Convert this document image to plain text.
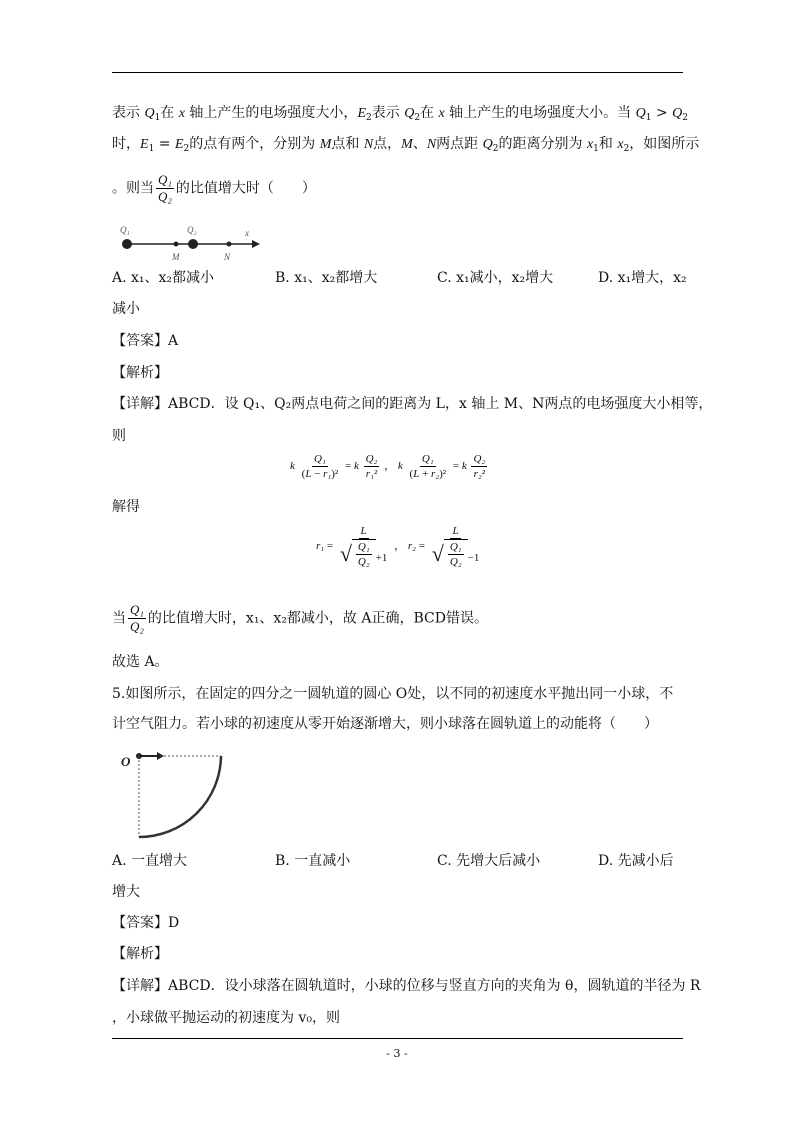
表示 $Q_1$在 x 轴上产生的电场强度大小，$E_2$表示 $Q_2$在 x 轴上产生的电场强度大小。当 $Q_1 > Q_2$
时，$E_1 = E_2$的点有两个，分别为 M点和 N点，M、N两点距 $Q_2$的距离分别为 $x_1$和 $x_2$，如图所示
。则当 $\frac{\text{Q₁}}{\text{Q₂}}$ 的比值增大时（　　）
Q₁	Q₂
M	N
x
A. x₁、x₂都减小	B. x₁、x₂都增大	C. x₁减小，x₂增大	D. x₁增大，x₂
减小
【答案】A
【解析】
【详解】ABCD．设 Q₁、Q₂两点电荷之间的距离为 L，x 轴上 M、N两点的电场强度大小相等，
则
k $\frac{\text{Q₁}}{\text{(L − r₁)²}} = k \frac{\text{Q₂}}{\text{r₁²}}$ ， k $\frac{\text{Q₁}}{\text{(L + r₂)²}} = k \frac{\text{Q₂}}{\text{r₂²}}$
解得
$r_1 = \frac{L}{√ \frac{\text{Q₁}}{\text{Q₂}} +1}$ ， $r_2 = \frac{L}{√ \frac{\text{Q₁}}{\text{Q₂}} -1}$
当 $\frac{\text{Q₁}}{\text{Q₂}}$ 的比值增大时，x₁、x₂都减小，故 A正确，BCD错误。
故选 A。
5.如图所示，在固定的四分之一圆轨道的圆心 O处，以不同的初速度水平抛出同一小球，不
计空气阻力。若小球的初速度从零开始逐渐增大，则小球落在圆轨道上的动能将（　　）
O
A. 一直增大	B. 一直减小	C. 先增大后减小	D. 先减小后
增大
【答案】D
【解析】
【详解】ABCD．设小球落在圆轨道时，小球的位移与竖直方向的夹角为 θ，圆轨道的半径为 R
，小球做平抛运动的初速度为 v₀，则
- 3 -
